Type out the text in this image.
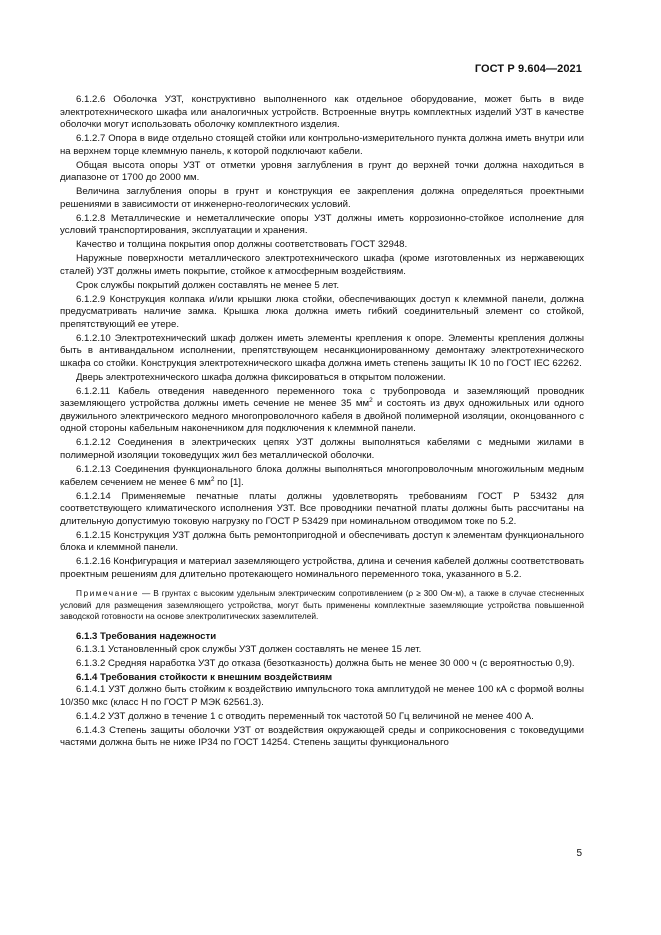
ГОСТ Р 9.604—2021

6.1.2.6 Оболочка УЗТ, конструктивно выполненного как отдельное оборудование, может быть в виде электротехнического шкафа или аналогичных устройств. Встроенные внутрь комплектных изделий УЗТ в качестве оболочки могут использовать оболочку комплектного изделия.

6.1.2.7 Опора в виде отдельно стоящей стойки или контрольно-измерительного пункта должна иметь внутри или на верхнем торце клеммную панель, к которой подключают кабели.

Общая высота опоры УЗТ от отметки уровня заглубления в грунт до верхней точки должна находиться в диапазоне от 1700 до 2000 мм.

Величина заглубления опоры в грунт и конструкция ее закрепления должна определяться проектными решениями в зависимости от инженерно-геологических условий.

6.1.2.8 Металлические и неметаллические опоры УЗТ должны иметь коррозионно-стойкое исполнение для условий транспортирования, эксплуатации и хранения.

Качество и толщина покрытия опор должны соответствовать ГОСТ 32948.

Наружные поверхности металлического электротехнического шкафа (кроме изготовленных из нержавеющих сталей) УЗТ должны иметь покрытие, стойкое к атмосферным воздействиям.

Срок службы покрытий должен составлять не менее 5 лет.

6.1.2.9 Конструкция колпака и/или крышки люка стойки, обеспечивающих доступ к клеммной панели, должна предусматривать наличие замка. Крышка люка должна иметь гибкий соединительный элемент со стойкой, препятствующий ее утере.

6.1.2.10 Электротехнический шкаф должен иметь элементы крепления к опоре. Элементы крепления должны быть в антивандальном исполнении, препятствующем несанкционированному демонтажу электротехнического шкафа со стойки. Конструкция электротехнического шкафа должна иметь степень защиты IK 10 по ГОСТ IEC 62262.

Дверь электротехнического шкафа должна фиксироваться в открытом положении.

6.1.2.11 Кабель отведения наведенного переменного тока с трубопровода и заземляющий проводник заземляющего устройства должны иметь сечение не менее 35 $мм^2$ и состоять из двух одножильных или одного двужильного электрического медного многопроволочного кабеля в двойной полимерной изоляции, оконцованного с одной стороны кабельным наконечником для подключения к клеммной панели.

6.1.2.12 Соединения в электрических цепях УЗТ должны выполняться кабелями с медными жилами в полимерной изоляции токоведущих жил без металлической оболочки.

6.1.2.13 Соединения функционального блока должны выполняться многопроволочным многожильным медным кабелем сечением не менее 6 $мм^2$ по [1].

6.1.2.14 Применяемые печатные платы должны удовлетворять требованиям ГОСТ Р 53432 для соответствующего климатического исполнения УЗТ. Все проводники печатной платы должны быть рассчитаны на длительную допустимую токовую нагрузку по ГОСТ Р 53429 при номинальном отводимом токе по 5.2.

6.1.2.15 Конструкция УЗТ должна быть ремонтопригодной и обеспечивать доступ к элементам функционального блока и клеммной панели.

6.1.2.16 Конфигурация и материал заземляющего устройства, длина и сечения кабелей должны соответствовать проектным решениям для длительно протекающего номинального переменного тока, указанного в 5.2.

Примечание — В грунтах с высоким удельным электрическим сопротивлением (ρ ≥ 300 Ом·м), а также в случае стесненных условий для размещения заземляющего устройства, могут быть применены комплектные заземляющие устройства повышенной заводской готовности на основе электролитических заземлителей.

6.1.3 Требования надежности

6.1.3.1 Установленный срок службы УЗТ должен составлять не менее 15 лет.

6.1.3.2 Средняя наработка УЗТ до отказа (безотказность) должна быть не менее 30 000 ч (с вероятностью 0,9).

6.1.4 Требования стойкости к внешним воздействиям

6.1.4.1 УЗТ должно быть стойким к воздействию импульсного тока амплитудой не менее 100 кА с формой волны 10/350 мкс (класс Н по ГОСТ Р МЭК 62561.3).

6.1.4.2 УЗТ должно в течение 1 с отводить переменный ток частотой 50 Гц величиной не менее 400 А.

6.1.4.3 Степень защиты оболочки УЗТ от воздействия окружающей среды и соприкосновения с токоведущими частями должна быть не ниже IP34 по ГОСТ 14254. Степень защиты функционального

5
